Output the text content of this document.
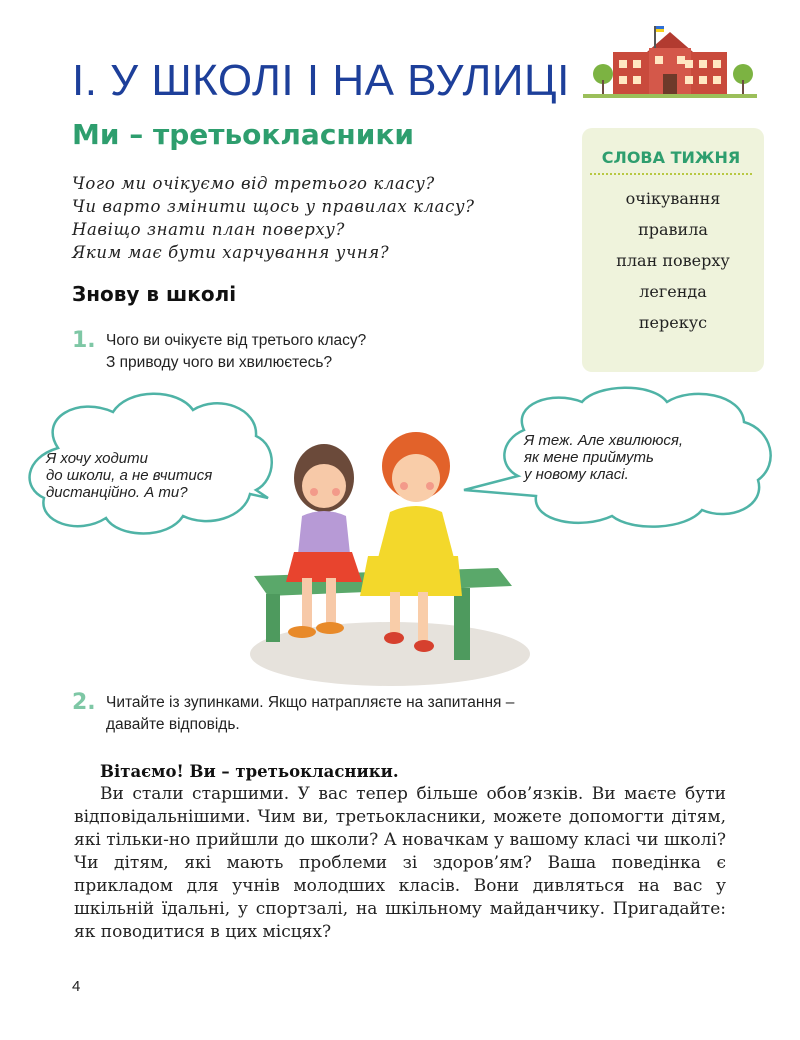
І. У ШКОЛІ І НА ВУЛИЦІ
Ми – третьокласники
Чого ми очікуємо від третього класу?
Чи варто змінити щось у правилах класу?
Навіщо знати план поверху?
Яким має бути харчування учня?
Знову в школі
1. Чого ви очікуєте від третього класу?
З приводу чого ви хвилюєтесь?
СЛОВА ТИЖНЯ
очікування
правила
план поверху
легенда
перекус
Я хочу ходити
до школи, а не вчитися
дистанційно. А ти?
Я теж. Але хвилююся,
як мене приймуть
у новому класі.
2. Читайте із зупинками. Якщо натрапляєте на запитання –
давайте відповідь.
Вітаємо! Ви – третьокласники.
Ви стали старшими. У вас тепер більше обов’язків. Ви маєте бути відповідальнішими. Чим ви, третьокласники, можете допомогти дітям, які тільки-но прийшли до школи? А новачкам у вашому класі чи школі? Чи дітям, які мають проблеми зі здоров’ям? Ваша поведінка є прикладом для учнів молодших класів. Вони дивляться на вас у шкільній їдальні, у спортзалі, на шкільному майданчику. Пригадайте: як поводитися в цих місцях?
4
